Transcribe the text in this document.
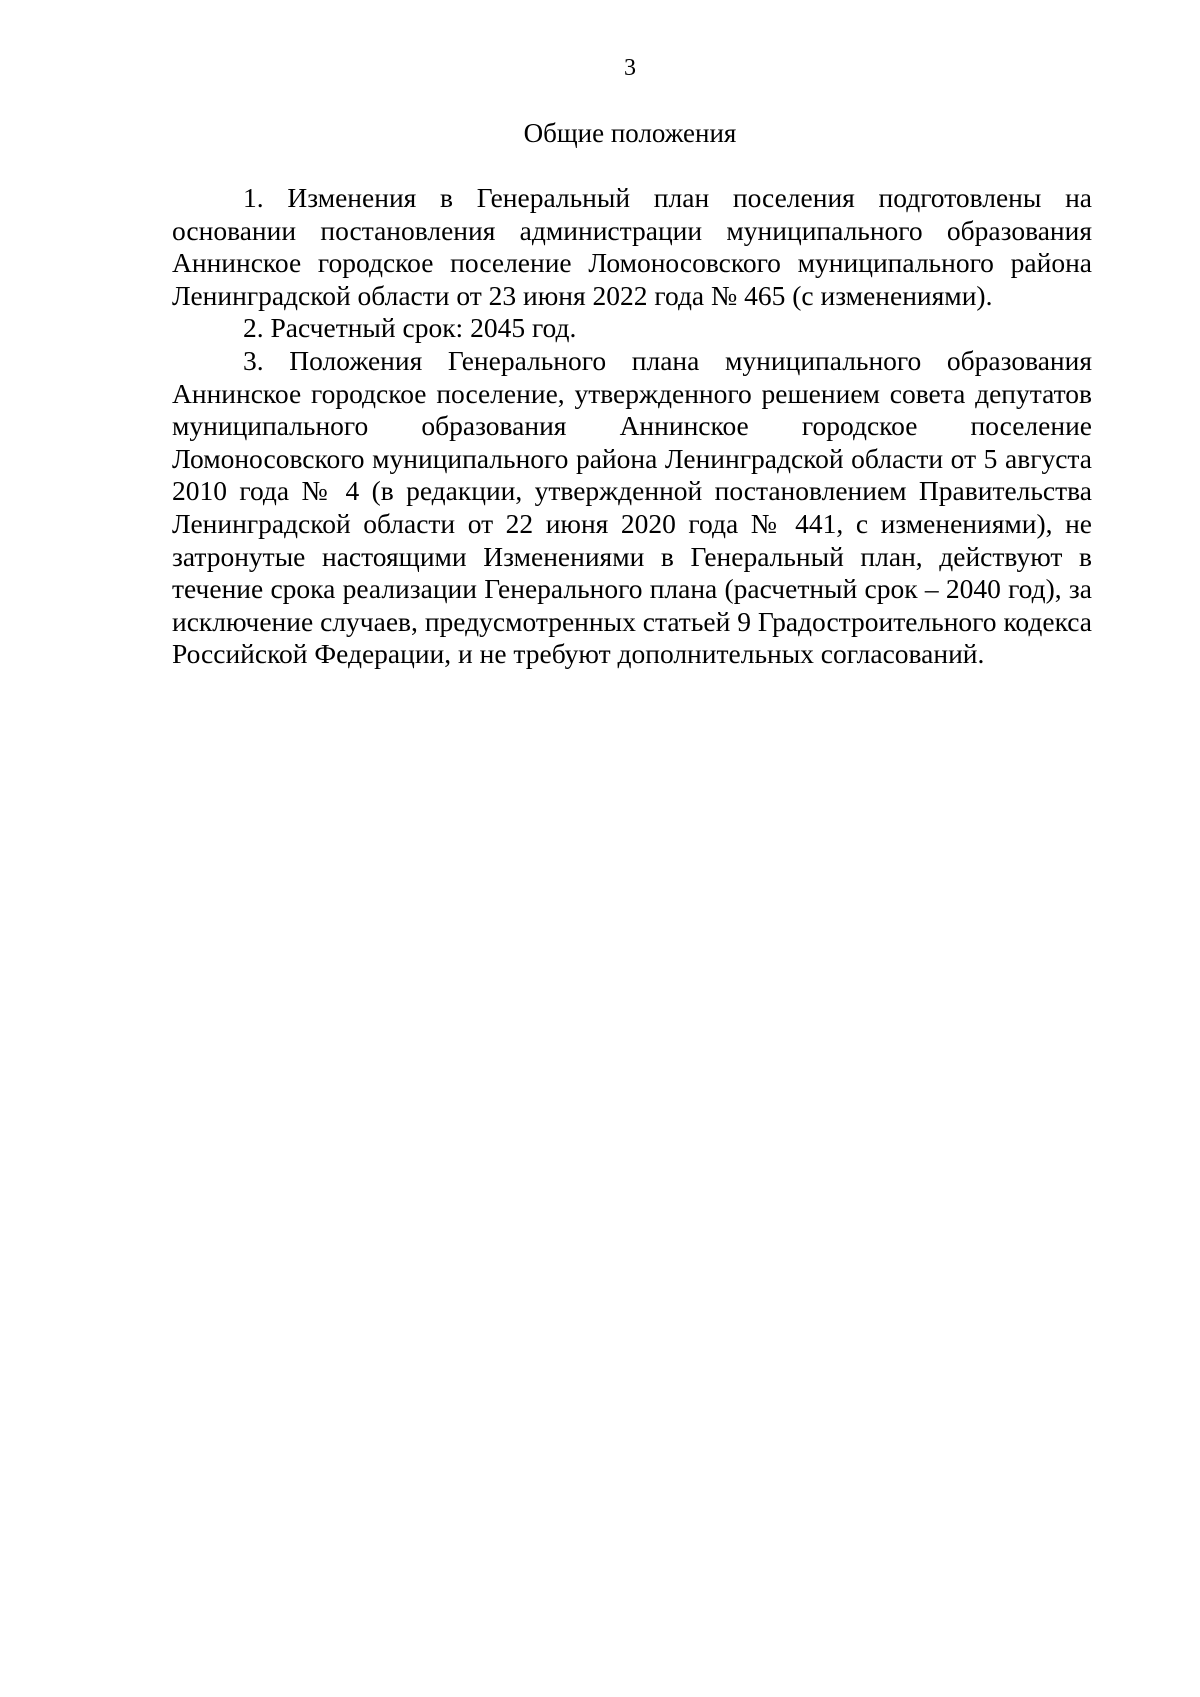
3
Общие положения

1. Изменения в Генеральный план поселения подготовлены на основании постановления администрации муниципального образования Аннинское городское поселение Ломоносовского муниципального района Ленинградской области от 23 июня 2022 года № 465 (с изменениями).

2. Расчетный срок: 2045 год.

3. Положения Генерального плана муниципального образования Аннинское городское поселение, утвержденного решением совета депутатов муниципального образования Аннинское городское поселение Ломоносовского муниципального района Ленинградской области от 5 августа 2010 года № 4 (в редакции, утвержденной постановлением Правительства Ленинградской области от 22 июня 2020 года № 441, с изменениями), не затронутые настоящими Изменениями в Генеральный план, действуют в течение срока реализации Генерального плана (расчетный срок – 2040 год), за исключение случаев, предусмотренных статьей 9 Градостроительного кодекса Российской Федерации, и не требуют дополнительных согласований.
